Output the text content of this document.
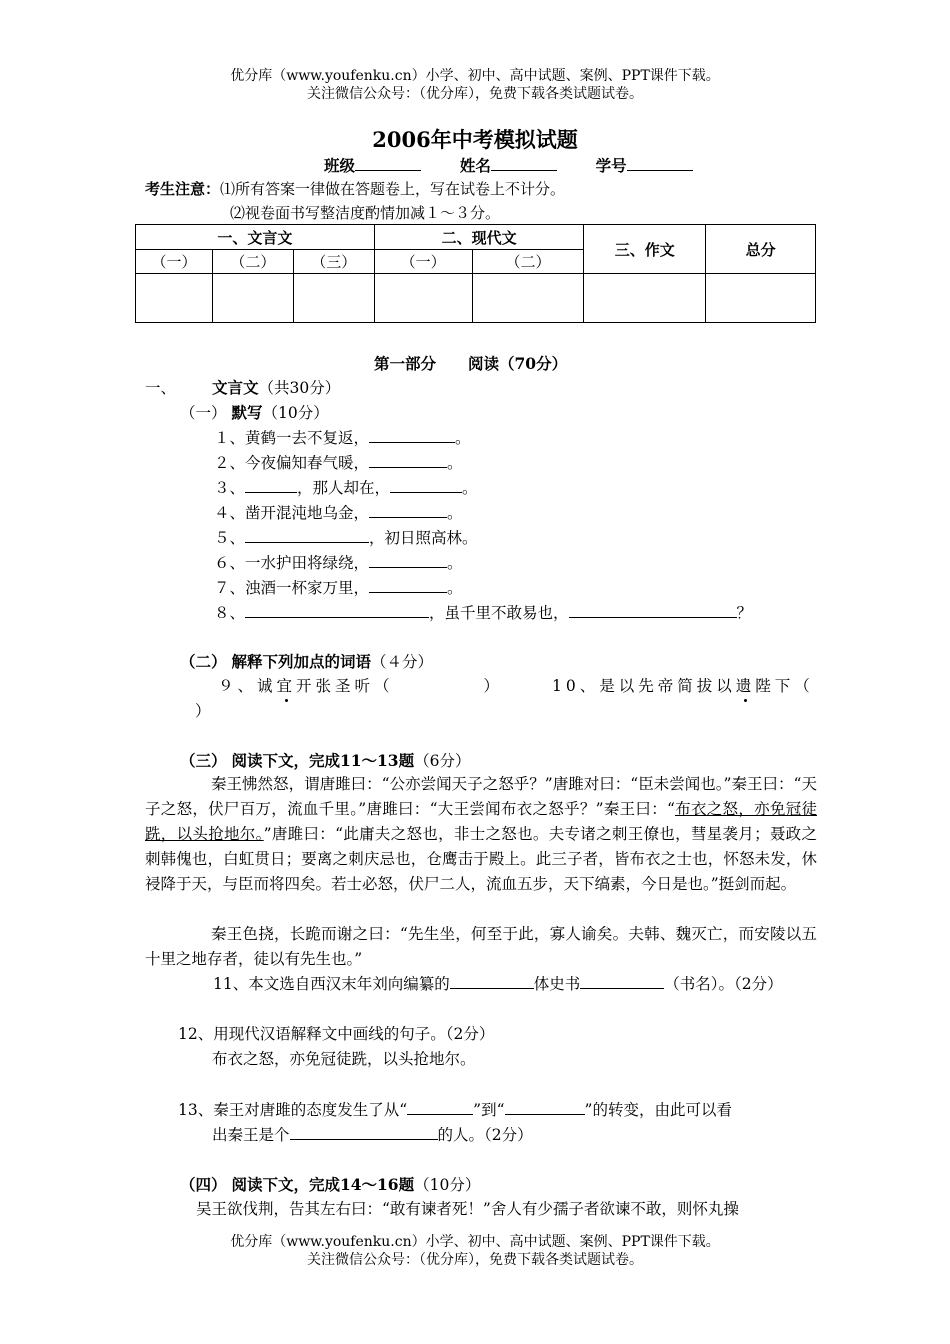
优分库（www.youfenku.cn）小学、初中、高中试题、案例、PPT课件下载。
关注微信公众号：（优分库），免费下载各类试题试卷。
2006年中考模拟试题
班级	姓名	学号
考生注意：⑴所有答案一律做在答题卷上，写在试卷上不计分。
⑵视卷面书写整洁度酌情加减１～３分。
一、文言文			二、现代文		三、作文	总分
（一）	（二）	（三）	（一）	（二）		

第一部分 阅读（70分）
一、 文言文（共30分）
（一） 默写（10分）
１、黄鹤一去不复返，	。
２、今夜偏知春气暖，	。
３、	，那人却在，	。
４、凿开混沌地乌金，	。
５、	，初日照高林。
６、一水护田将绿绕，	。
７、浊酒一杯家万里，	。
８、	，虽千里不敢易也，	？
（二） 解释下列加点的词语（４分）
９、诚宜开张圣听（	）	10、是以先帝简拔以遗陛下（
）
（三） 阅读下文，完成11～13题（6分）
秦王怫然怒，谓唐雎曰：“公亦尝闻天子之怒乎？”唐雎对曰：“臣未尝闻也。”秦王曰：“天子之怒，伏尸百万，流血千里。”唐雎曰：“大王尝闻布衣之怒乎？”秦王曰：“布衣之怒，亦免冠徒跣，以头抢地尔。”唐雎曰：“此庸夫之怒也，非士之怒也。夫专诸之刺王僚也，彗星袭月；聂政之刺韩傀也，白虹贯日；要离之刺庆忌也，仓鹰击于殿上。此三子者，皆布衣之士也，怀怒未发，休祲降于天，与臣而将四矣。若士必怒，伏尸二人，流血五步，天下缟素，今日是也。”挺剑而起。
秦王色挠，长跪而谢之曰：“先生坐，何至于此，寡人谕矣。夫韩、魏灭亡，而安陵以五十里之地存者，徒以有先生也。”
11、本文选自西汉末年刘向编纂的	体史书	（书名）。（2分）
12、用现代汉语解释文中画线的句子。（2分）
布衣之怒，亦免冠徒跣，以头抢地尔。
13、秦王对唐雎的态度发生了从“	”到“	”的转变，由此可以看
出秦王是个	的人。（2分）
（四） 阅读下文，完成14～16题（10分）
吴王欲伐荆，告其左右曰：“敢有谏者死！”舍人有少孺子者欲谏不敢，则怀丸操
优分库（www.youfenku.cn）小学、初中、高中试题、案例、PPT课件下载。
关注微信公众号：（优分库），免费下载各类试题试卷。
